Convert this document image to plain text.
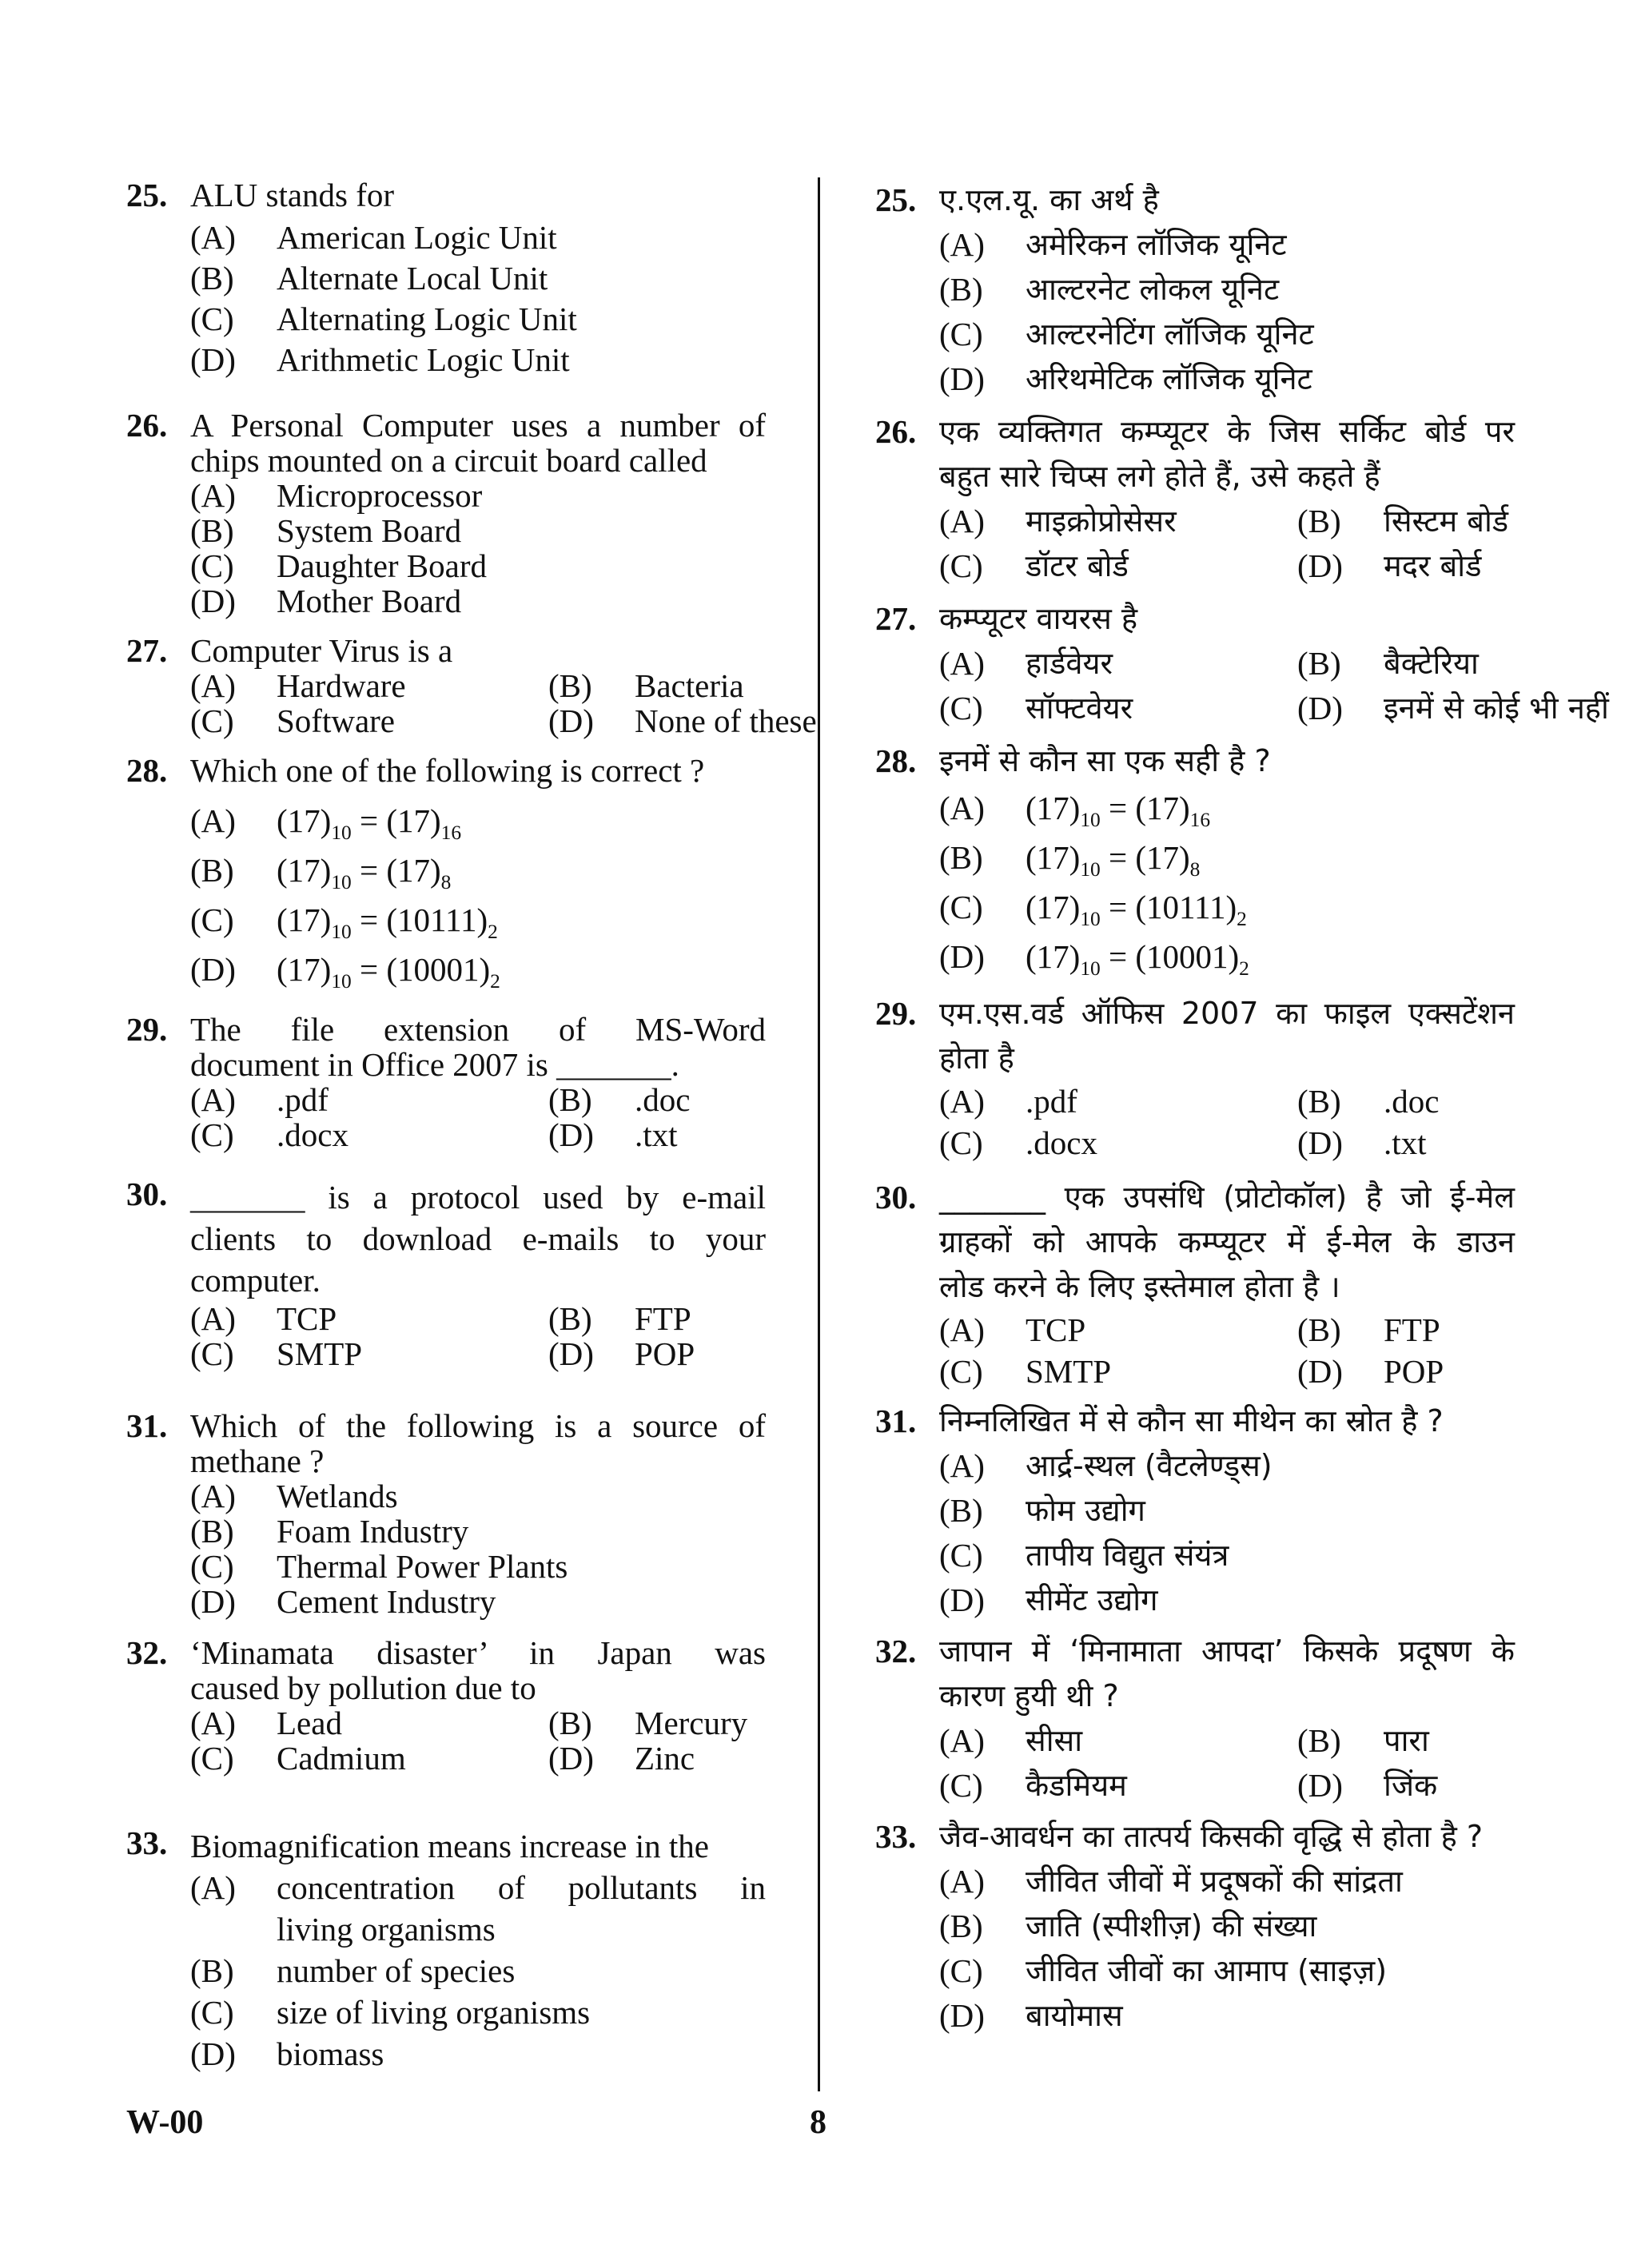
25. ALU stands for
(A) American Logic Unit
(B) Alternate Local Unit
(C) Alternating Logic Unit
(D) Arithmetic Logic Unit
26. A Personal Computer uses a number of
chips mounted on a circuit board called
(A) Microprocessor
(B) System Board
(C) Daughter Board
(D) Mother Board
27. Computer Virus is a
(A) Hardware	(B) Bacteria
(C) Software	(D) None of these
28. Which one of the following is correct ?
(A) $(17)_{10} = (17)_{16}$
(B) $(17)_{10} = (17)_8$
(C) $(17)_{10} = (10111)_2$
(D) $(17)_{10} = (10001)_2$
29. The file extension of MS-Word
document in Office 2007 is _______.
(A) .pdf	(B) .doc
(C) .docx	(D) .txt
30. _______ is a protocol used by e-mail
clients to download e-mails to your
computer.
(A) TCP	(B) FTP
(C) SMTP	(D) POP
31. Which of the following is a source of
methane ?
(A) Wetlands
(B) Foam Industry
(C) Thermal Power Plants
(D) Cement Industry
32. ‘Minamata disaster’ in Japan was
caused by pollution due to
(A) Lead	(B) Mercury
(C) Cadmium	(D) Zinc
33. Biomagnification means increase in the
(A) concentration of pollutants in
living organisms
(B) number of species
(C) size of living organisms
(D) biomass
25. ए.एल.यू. का अर्थ है
(A) अमेरिकन लॉजिक यूनिट
(B) आल्टरनेट लोकल यूनिट
(C) आल्टरनेटिंग लॉजिक यूनिट
(D) अरिथमेटिक लॉजिक यूनिट
26. एक व्यक्तिगत कम्प्यूटर के जिस सर्किट बोर्ड पर
बहुत सारे चिप्स लगे होते हैं, उसे कहते हैं
(A) माइक्रोप्रोसेसर	(B) सिस्टम बोर्ड
(C) डॉटर बोर्ड	(D) मदर बोर्ड
27. कम्प्यूटर वायरस है
(A) हार्डवेयर	(B) बैक्टेरिया
(C) सॉफ्टवेयर	(D) इनमें से कोई भी नहीं
28. इनमें से कौन सा एक सही है ?
(A) $(17)_{10} = (17)_{16}$
(B) $(17)_{10} = (17)_8$
(C) $(17)_{10} = (10111)_2$
(D) $(17)_{10} = (10001)_2$
29. एम.एस.वर्ड ऑफिस 2007 का फाइल एक्सटेंशन
होता है
(A) .pdf	(B) .doc
(C) .docx	(D) .txt
30. _______ एक उपसंधि (प्रोटोकॉल) है जो ई-मेल
ग्राहकों को आपके कम्प्यूटर में ई-मेल के डाउन
लोड करने के लिए इस्तेमाल होता है ।
(A) TCP	(B) FTP
(C) SMTP	(D) POP
31. निम्नलिखित में से कौन सा मीथेन का स्रोत है ?
(A) आर्द्र-स्थल (वैटलेण्ड्स)
(B) फोम उद्योग
(C) तापीय विद्युत संयंत्र
(D) सीमेंट उद्योग
32. जापान में ‘मिनामाता आपदा’ किसके प्रदूषण के
कारण हुयी थी ?
(A) सीसा	(B) पारा
(C) कैडमियम	(D) जिंक
33. जैव-आवर्धन का तात्पर्य किसकी वृद्धि से होता है ?
(A) जीवित जीवों में प्रदूषकों की सांद्रता
(B) जाति (स्पीशीज़) की संख्या
(C) जीवित जीवों का आमाप (साइज़)
(D) बायोमास
W-00	8
